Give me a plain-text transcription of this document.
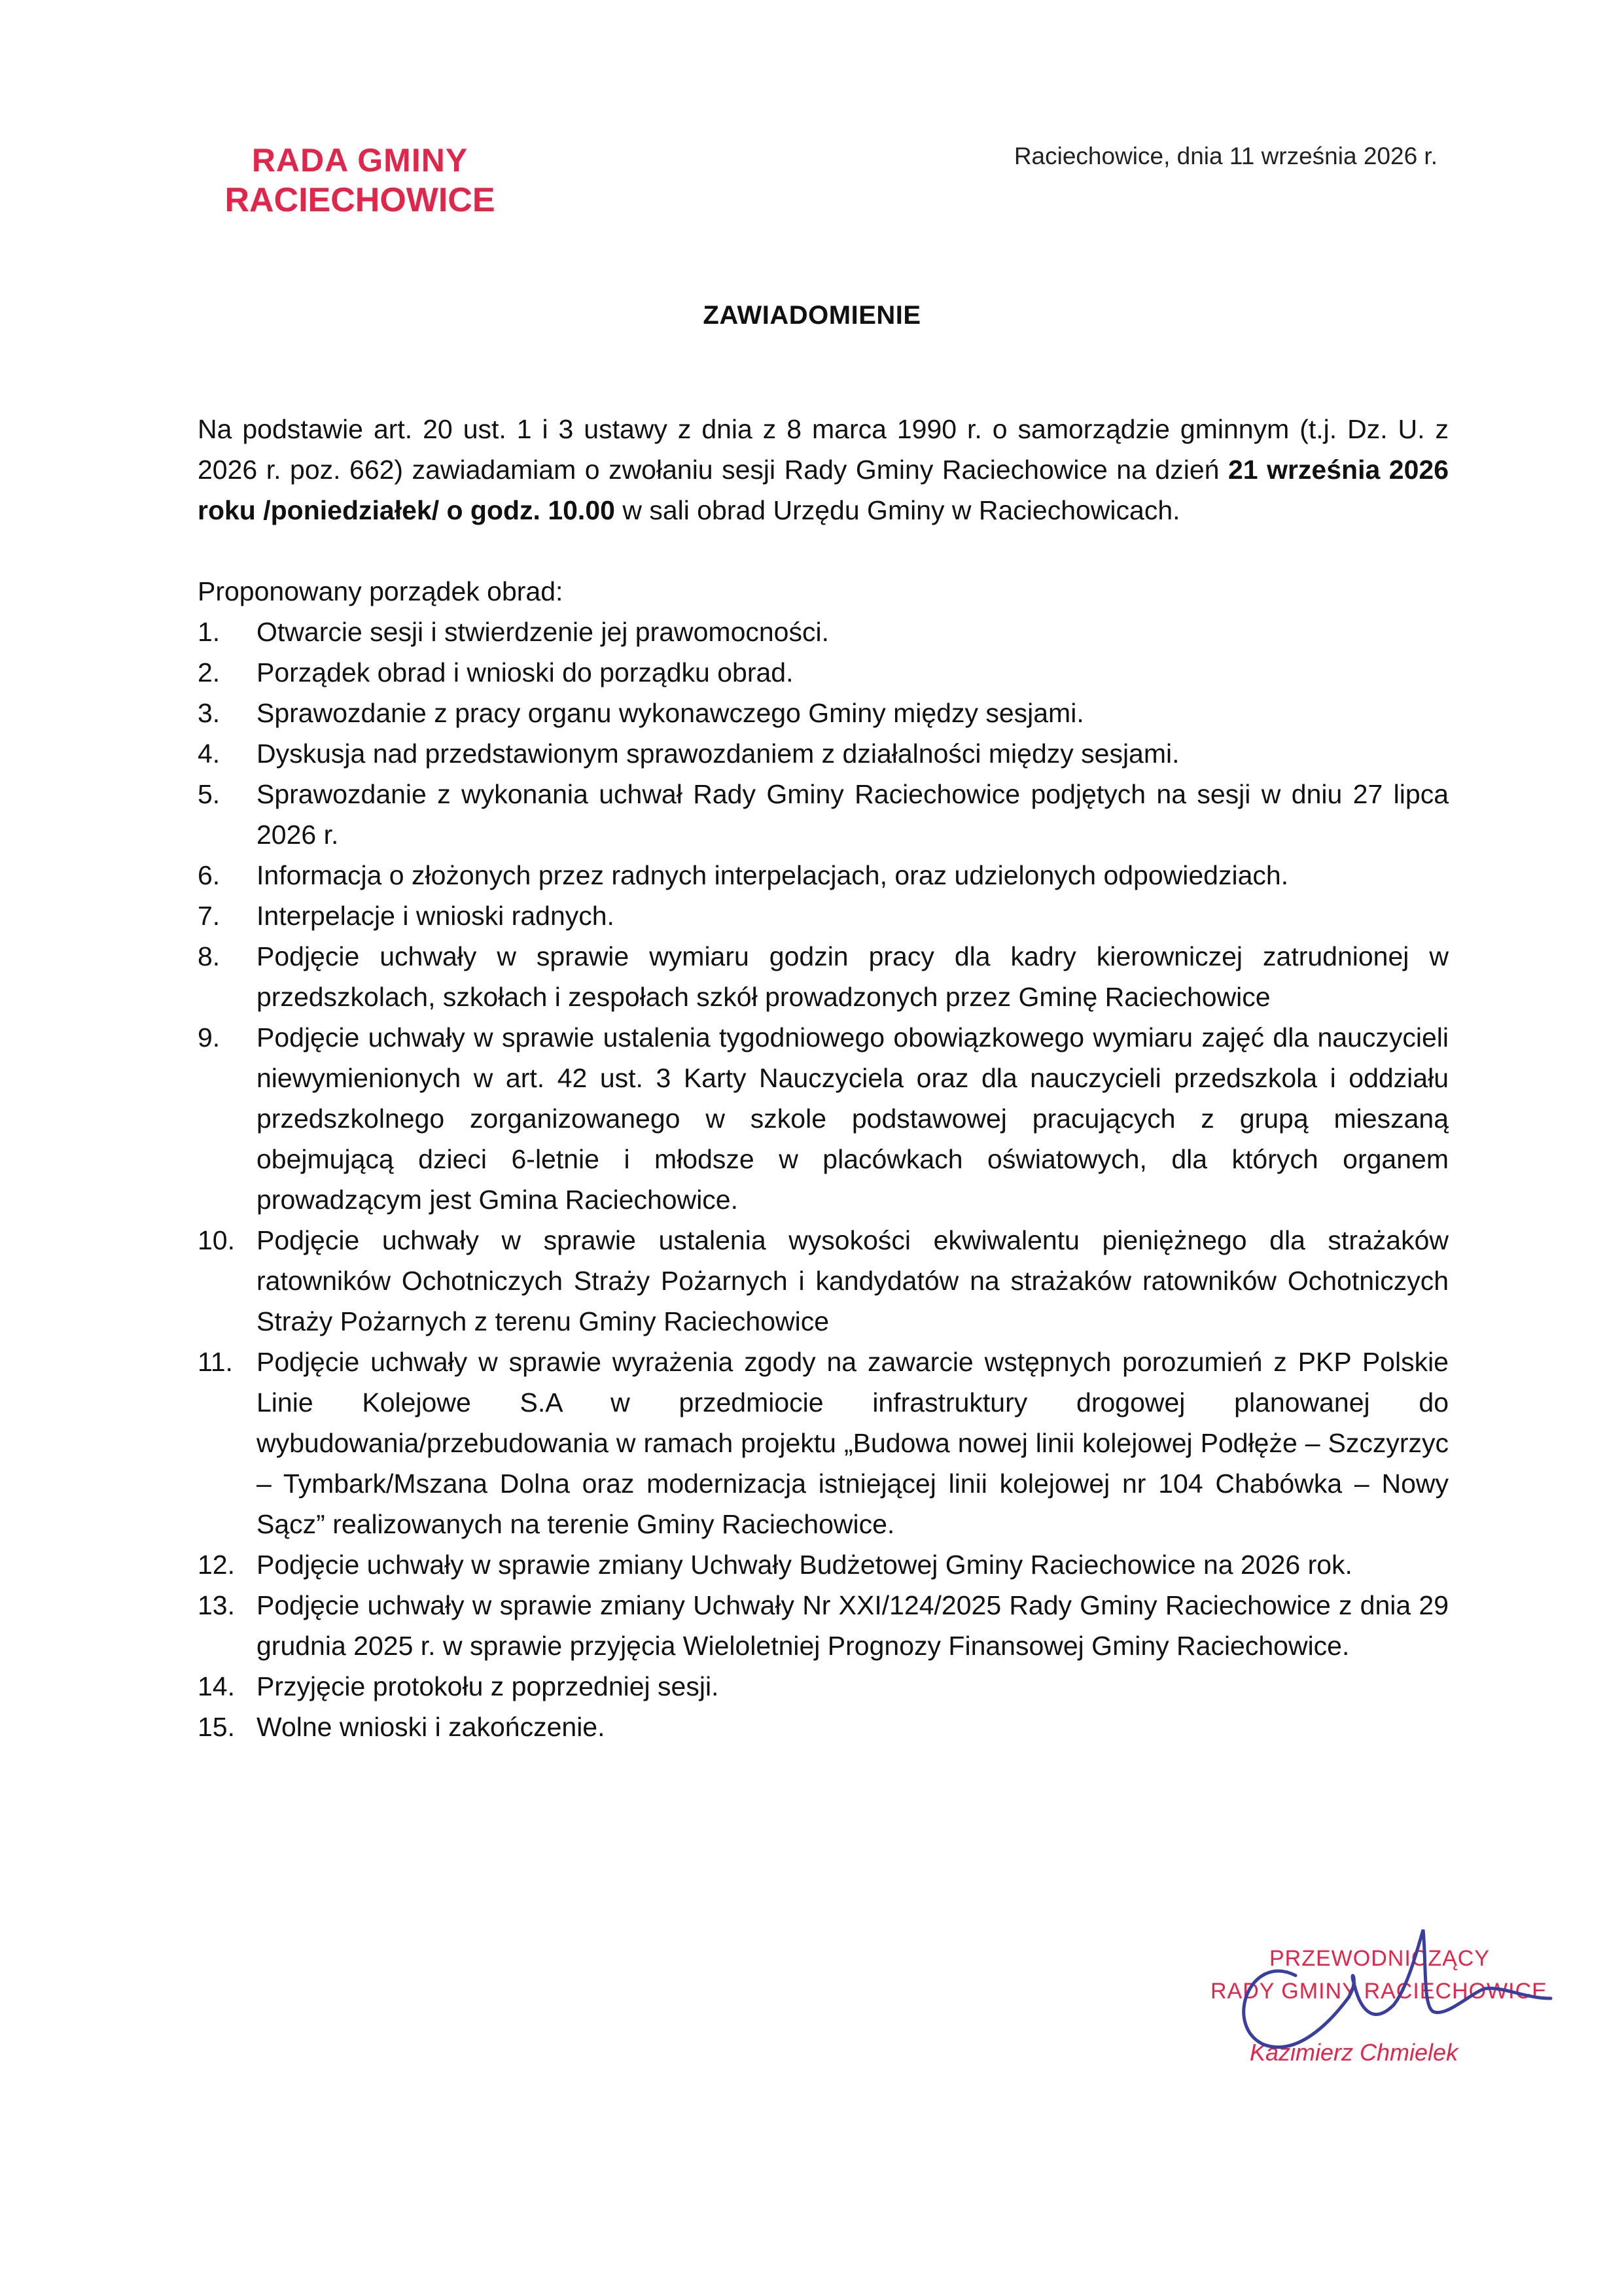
RADA GMINY
RACIECHOWICE
Raciechowice, dnia 11 września 2026 r.
ZAWIADOMIENIE

Na podstawie art. 20 ust. 1 i 3 ustawy z dnia z 8 marca 1990 r. o samorządzie gminnym (t.j. Dz. U. z 2026 r. poz. 662) zawiadamiam o zwołaniu sesji Rady Gminy Raciechowice na dzień 21 września 2026 roku /poniedziałek/ o godz. 10.00 w sali obrad Urzędu Gminy w Raciechowicach.

Proponowany porządek obrad:

1.	Otwarcie sesji i stwierdzenie jej prawomocności.
2.	Porządek obrad i wnioski do porządku obrad.
3.	Sprawozdanie z pracy organu wykonawczego Gminy między sesjami.
4.	Dyskusja nad przedstawionym sprawozdaniem z działalności między sesjami.
5.	Sprawozdanie z wykonania uchwał Rady Gminy Raciechowice podjętych na sesji w dniu 27 lipca 2026 r.
6.	Informacja o złożonych przez radnych interpelacjach, oraz udzielonych odpowiedziach.
7.	Interpelacje i wnioski radnych.
8.	Podjęcie uchwały w sprawie wymiaru godzin pracy dla kadry kierowniczej zatrudnionej w przedszkolach, szkołach i zespołach szkół prowadzonych przez Gminę Raciechowice
9.	Podjęcie uchwały w sprawie ustalenia tygodniowego obowiązkowego wymiaru zajęć dla nauczycieli niewymienionych w art. 42 ust. 3 Karty Nauczyciela oraz dla nauczycieli przedszkola i oddziału przedszkolnego zorganizowanego w szkole podstawowej pracujących z grupą mieszaną obejmującą dzieci 6-letnie i młodsze w placówkach oświatowych, dla których organem prowadzącym jest Gmina Raciechowice.
10. Podjęcie uchwały w sprawie ustalenia wysokości ekwiwalentu pieniężnego dla strażaków ratowników Ochotniczych Straży Pożarnych i kandydatów na strażaków ratowników Ochotniczych Straży Pożarnych z terenu Gminy Raciechowice
11. Podjęcie uchwały w sprawie wyrażenia zgody na zawarcie wstępnych porozumień z PKP Polskie Linie Kolejowe S.A w przedmiocie infrastruktury drogowej planowanej do wybudowania/przebudowania w ramach projektu „Budowa nowej linii kolejowej Podłęże – Szczyrzyc – Tymbark/Mszana Dolna oraz modernizacja istniejącej linii kolejowej nr 104 Chabówka – Nowy Sącz” realizowanych na terenie Gminy Raciechowice.
12. Podjęcie uchwały w sprawie zmiany Uchwały Budżetowej Gminy Raciechowice na 2026 rok.
13. Podjęcie uchwały w sprawie zmiany Uchwały Nr XXI/124/2025 Rady Gminy Raciechowice z dnia 29 grudnia 2025 r. w sprawie przyjęcia Wieloletniej Prognozy Finansowej Gminy Raciechowice.
14. Przyjęcie protokołu z poprzedniej sesji.
15. Wolne wnioski i zakończenie.
PRZEWODNICZĄCY
RADY GMINY RACIECHOWICE
Kazimierz Chmielek
